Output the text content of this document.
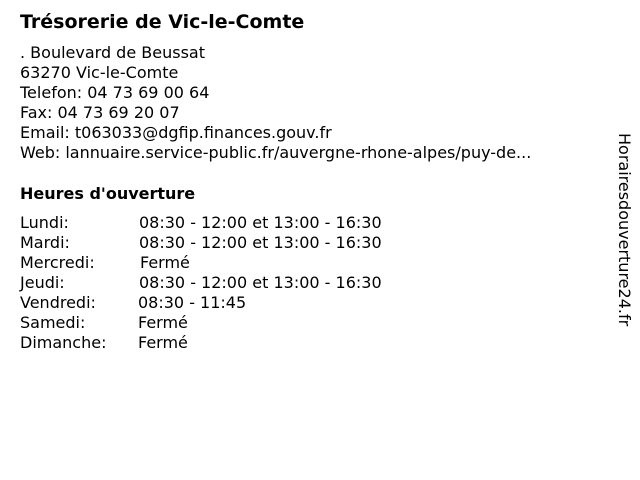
Trésorerie de Vic-le-Comte
. Boulevard de Beussat
63270 Vic-le-Comte
Telefon: 04 73 69 00 64
Fax: 04 73 69 20 07
Email: t063033@dgfip.finances.gouv.fr
Web: lannuaire.service-public.fr/auvergne-rhone-alpes/puy-de...
Heures d'ouverture
Lundi:	08:30 - 12:00 et 13:00 - 16:30
Mardi:	08:30 - 12:00 et 13:00 - 16:30
Mercredi:	Fermé
Jeudi:	08:30 - 12:00 et 13:00 - 16:30
Vendredi:	08:30 - 11:45
Samedi:	Fermé
Dimanche: Fermé
Horairesdouverture24.fr
